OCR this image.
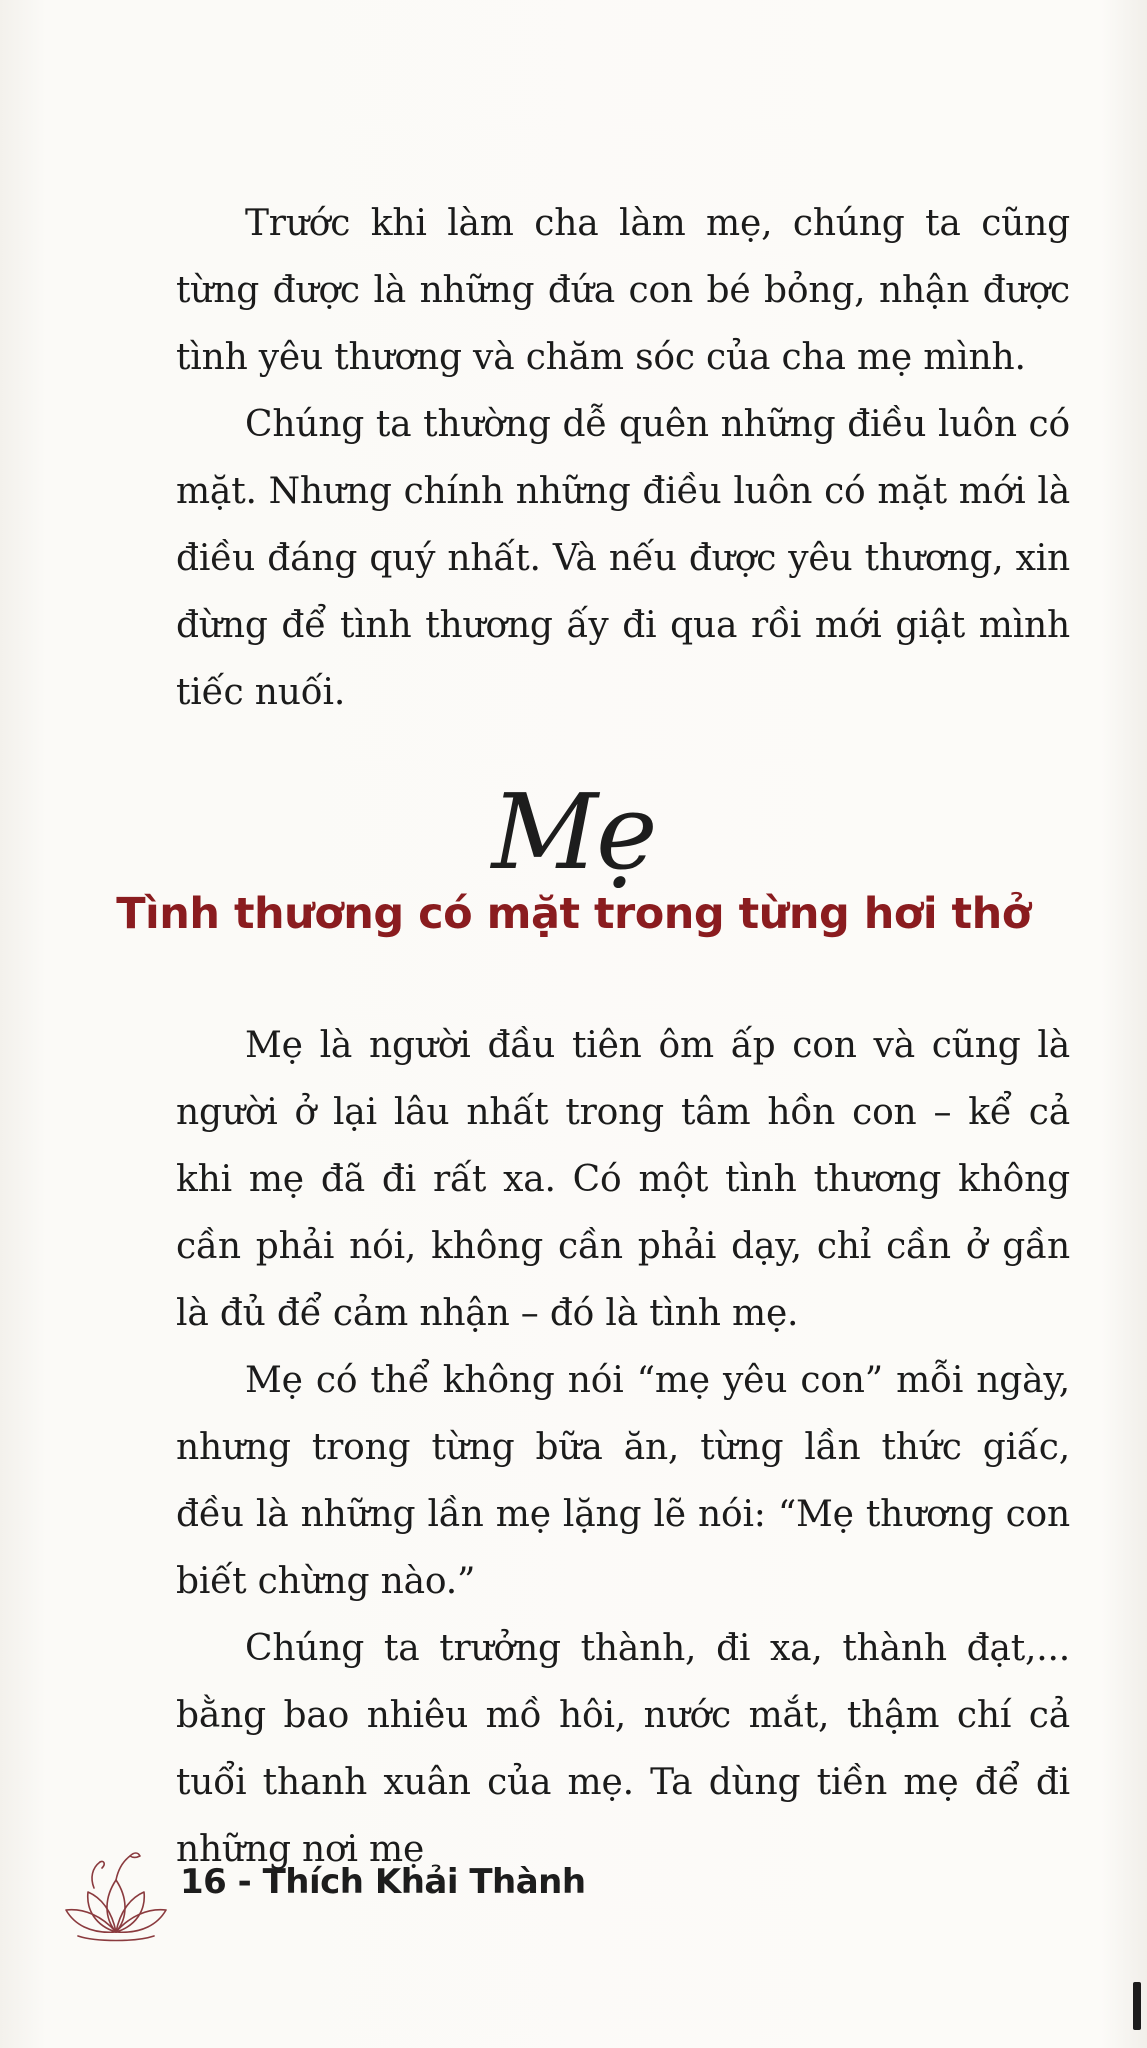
Trước khi làm cha làm mẹ, chúng ta cũng từng được là những đứa con bé bỏng, nhận được tình yêu thương và chăm sóc của cha mẹ mình.

Chúng ta thường dễ quên những điều luôn có mặt. Nhưng chính những điều luôn có mặt mới là điều đáng quý nhất. Và nếu được yêu thương, xin đừng để tình thương ấy đi qua rồi mới giật mình tiếc nuối.

Mẹ
Tình thương có mặt trong từng hơi thở

Mẹ là người đầu tiên ôm ấp con và cũng là người ở lại lâu nhất trong tâm hồn con – kể cả khi mẹ đã đi rất xa. Có một tình thương không cần phải nói, không cần phải dạy, chỉ cần ở gần là đủ để cảm nhận – đó là tình mẹ.

Mẹ có thể không nói “mẹ yêu con” mỗi ngày, nhưng trong từng bữa ăn, từng lần thức giấc, đều là những lần mẹ lặng lẽ nói: “Mẹ thương con biết chừng nào.”

Chúng ta trưởng thành, đi xa, thành đạt,... bằng bao nhiêu mồ hôi, nước mắt, thậm chí cả tuổi thanh xuân của mẹ. Ta dùng tiền mẹ để đi những nơi mẹ

16 - Thích Khải Thành
